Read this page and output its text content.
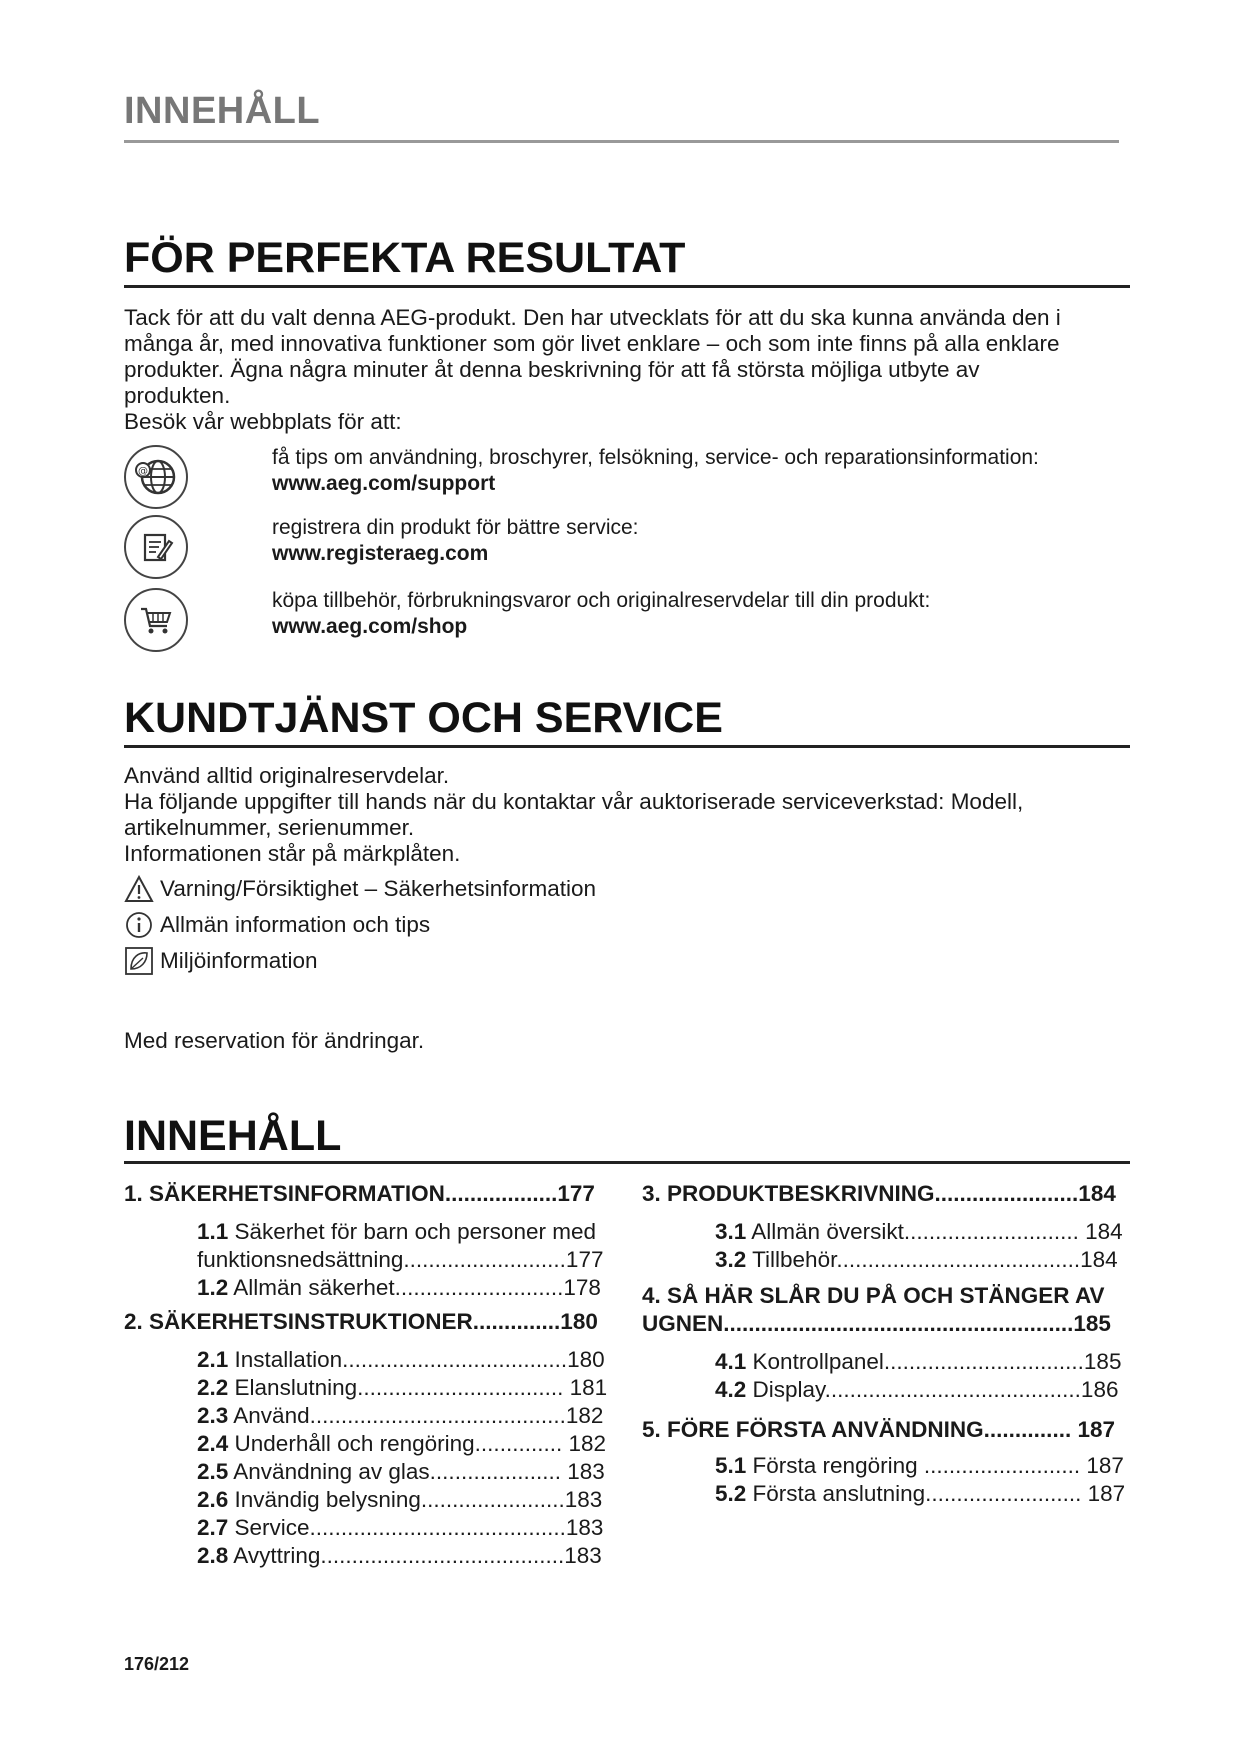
INNEHÅLL
FÖR PERFEKTA RESULTAT
Tack för att du valt denna AEG-produkt. Den har utvecklats för att du ska kunna använda den i
många år, med innovativa funktioner som gör livet enklare – och som inte finns på alla enklare
produkter. Ägna några minuter åt denna beskrivning för att få största möjliga utbyte av
produkten.
Besök vår webbplats för att:
@
få tips om användning, broschyrer, felsökning, service- och reparationsinformation:
www.aeg.com/support
registrera din produkt för bättre service:
www.registeraeg.com
köpa tillbehör, förbrukningsvaror och originalreservdelar till din produkt:
www.aeg.com/shop
KUNDTJÄNST OCH SERVICE
Använd alltid originalreservdelar.
Ha följande uppgifter till hands när du kontaktar vår auktoriserade serviceverkstad: Modell,
artikelnummer, serienummer.
Informationen står på märkplåten.
Varning/Försiktighet – Säkerhetsinformation
Allmän information och tips
Miljöinformation
Med reservation för ändringar.
INNEHÅLL
1. SÄKERHETSINFORMATION..................177
1.1 Säkerhet för barn och personer med
funktionsnedsättning..........................177
1.2 Allmän säkerhet...........................178
2. SÄKERHETSINSTRUKTIONER..............180
2.1 Installation....................................180
2.2 Elanslutning................................. 181
2.3 Använd.........................................182
2.4 Underhåll och rengöring.............. 182
2.5 Användning av glas..................... 183
2.6 Invändig belysning.......................183
2.7 Service.........................................183
2.8 Avyttring.......................................183
3. PRODUKTBESKRIVNING.......................184
3.1 Allmän översikt............................ 184
3.2 Tillbehör.......................................184
4. SÅ HÄR SLÅR DU PÅ OCH STÄNGER AV
UGNEN........................................................185
4.1 Kontrollpanel................................185
4.2 Display.........................................186
5. FÖRE FÖRSTA ANVÄNDNING.............. 187
5.1 Första rengöring ......................... 187
5.2 Första anslutning......................... 187
176/212
